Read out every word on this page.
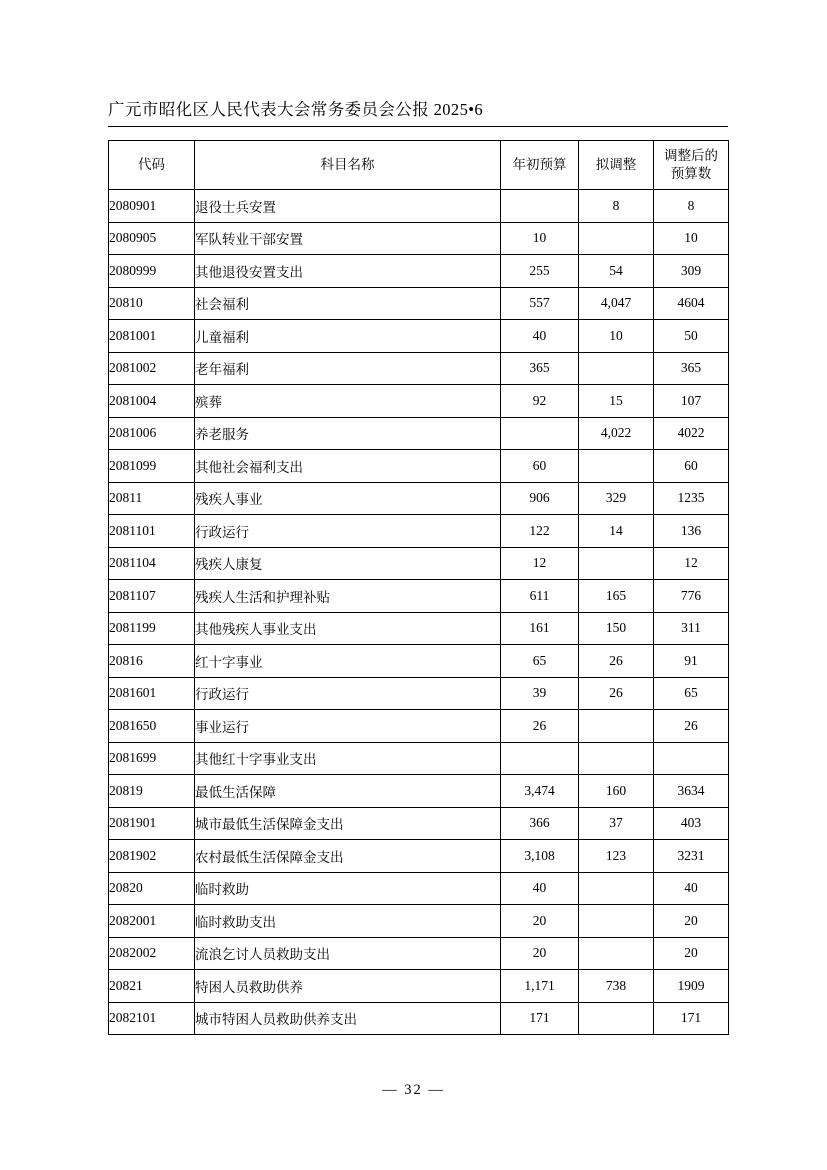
广元市昭化区人民代表大会常务委员会公报 2025•6
代码	科目名称	年初预算	拟调整	调整后的
预算数

2080901	退役士兵安置		8	8
2080905	军队转业干部安置	10		10
2080999	其他退役安置支出	255	54	309
20810	社会福利	557	4,047	4604
2081001	儿童福利	40	10	50
2081002	老年福利	365		365
2081004	殡葬	92	15	107
2081006	养老服务		4,022	4022
2081099	其他社会福利支出	60		60
20811	残疾人事业	906	329	1235
2081101	行政运行	122	14	136
2081104	残疾人康复	12		12
2081107	残疾人生活和护理补贴	611	165	776
2081199	其他残疾人事业支出	161	150	311
20816	红十字事业	65	26	91
2081601	行政运行	39	26	65
2081650	事业运行	26		26
2081699	其他红十字事业支出			
20819	最低生活保障	3,474	160	3634
2081901	城市最低生活保障金支出	366	37	403
2081902	农村最低生活保障金支出	3,108	123	3231
20820	临时救助	40		40
2082001	临时救助支出	20		20
2082002	流浪乞讨人员救助支出	20		20
20821	特困人员救助供养	1,171	738	1909
2082101	城市特困人员救助供养支出	171		171
— 32 —
